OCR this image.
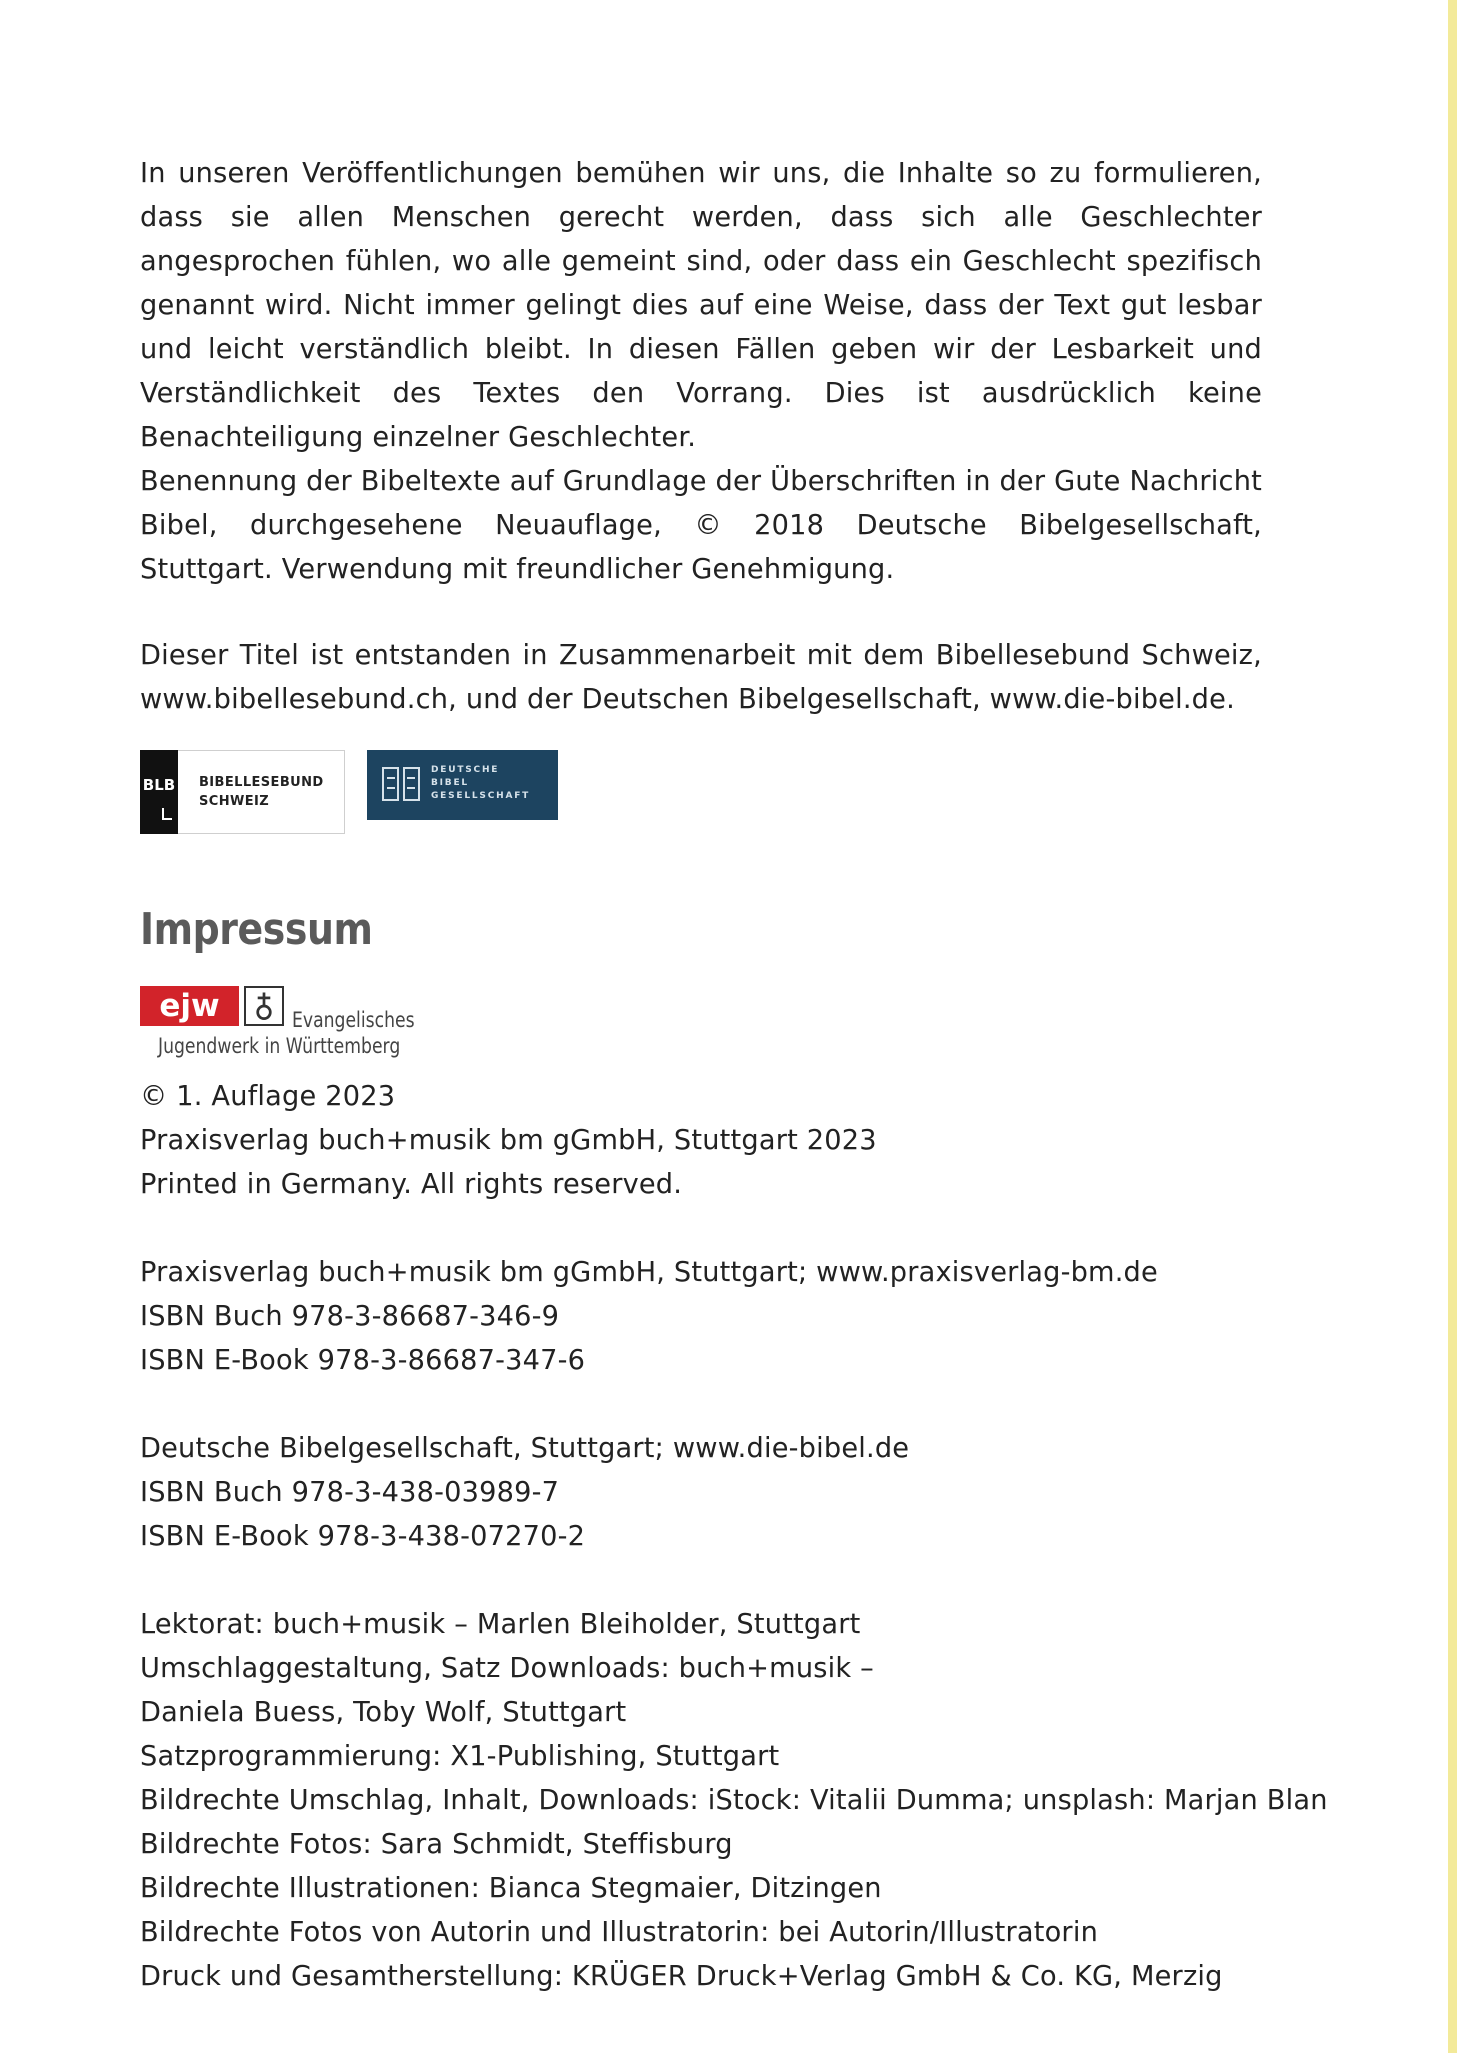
In unseren Veröffentlichungen bemühen wir uns, die Inhalte so zu formulieren, dass sie allen Menschen gerecht werden, dass sich alle Geschlechter angesprochen fühlen, wo alle gemeint sind, oder dass ein Geschlecht spezifisch genannt wird. Nicht immer gelingt dies auf eine Weise, dass der Text gut lesbar und leicht verständlich bleibt. In diesen Fällen geben wir der Lesbarkeit und Verständlichkeit des Textes den Vorrang. Dies ist ausdrücklich keine Benachteiligung einzelner Geschlechter.

Benennung der Bibeltexte auf Grundlage der Überschriften in der Gute Nachricht Bibel, durchgesehene Neuauflage, © 2018 Deutsche Bibelgesellschaft, Stuttgart. Verwendung mit freundlicher Genehmigung.

Dieser Titel ist entstanden in Zusammenarbeit mit dem Bibellesebund Schweiz, www.bibellesebund.ch, und der Deutschen Bibelgesellschaft, www.die-bibel.de.

BLB BIBELLESEBUND
SCHWEIZ
DEUTSCHE
BIBEL
GESELLSCHAFT
Impressum
ejw	Evangelisches
Jugendwerk in Württemberg
© 1. Auflage 2023
Praxisverlag buch+musik bm gGmbH, Stuttgart 2023
Printed in Germany. All rights reserved.
Praxisverlag buch+musik bm gGmbH, Stuttgart; www.praxisverlag-bm.de
ISBN Buch 978-3-86687-346-9
ISBN E-Book 978-3-86687-347-6
Deutsche Bibelgesellschaft, Stuttgart; www.die-bibel.de
ISBN Buch 978-3-438-03989-7
ISBN E-Book 978-3-438-07270-2
Lektorat: buch+musik – Marlen Bleiholder, Stuttgart
Umschlaggestaltung, Satz Downloads: buch+musik –
Daniela Buess, Toby Wolf, Stuttgart
Satzprogrammierung: X1-Publishing, Stuttgart
Bildrechte Umschlag, Inhalt, Downloads: iStock: Vitalii Dumma; unsplash: Marjan Blan
Bildrechte Fotos: Sara Schmidt, Steffisburg
Bildrechte Illustrationen: Bianca Stegmaier, Ditzingen
Bildrechte Fotos von Autorin und Illustratorin: bei Autorin/Illustratorin
Druck und Gesamtherstellung: KRÜGER Druck+Verlag GmbH & Co. KG, Merzig
